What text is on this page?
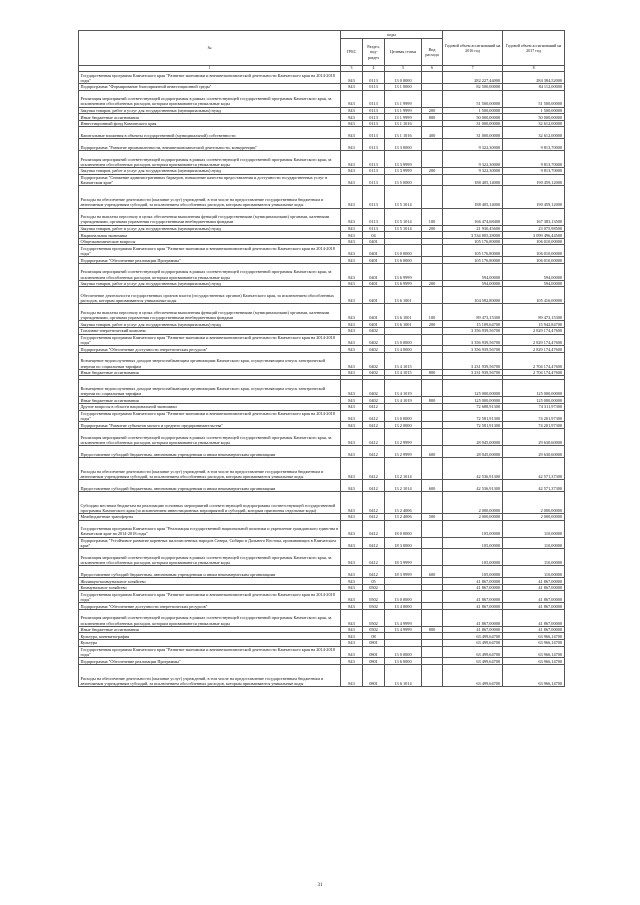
№	коды				Годовой объем ассигнований на 2016 год	Годовой объем ассигнований на 2017 год
	ГРБС	Раздел, под-раздел	Целевая статья	Вид расхода		
1	3	4	5	6	7	8
Государственная программа Камчатского края "Развитие экономики и внешнеэкономической деятельности Камчатского края на 2014-2018 годы"	843	0113	13 0 0000		282 227,44000	284 384,52000
Подпрограмма "Формирование благоприятной инвестиционной среды"	843	0113	13 1 0000		82 500,00000	84 112,00000
Реализация мероприятий соответствующей подпрограммы в рамках соответствующей государственной программы Камчатского края, за исключением обособленных расходов, которым присваиваются уникальные коды	843	0113	13 1 9999		51 500,00000	51 500,00000
Закупка товаров, работ и услуг для государственных (муниципальных) нужд	843	0113	13 1 9999	200	1 500,00000	1 500,00000
Иные бюджетные ассигнования	843	0113	13 1 9999	800	50 000,00000	50 000,00000
Инвестиционный фонд Камчатского края	843	0113	13 1 1016		31 000,00000	32 612,00000
Капитальные вложения в объекты государственной (муниципальной) собственности	843	0113	13 1 1016	400	31 000,00000	32 612,00000
Подпрограмма "Развитие промышленности, внешнеэкономической деятельности, конкуренции"	843	0113	13 3 0000		9 322,30000	9 813,70000
Реализация мероприятий соответствующей подпрограммы в рамках соответствующей государственной программы Камчатского края, за исключением обособленных расходов, которым присваиваются уникальные коды	843	0113	13 3 9999		9 322,30000	9 813,70000
Закупка товаров, работ и услуг для государственных (муниципальных) нужд	843	0113	13 3 9999	200	9 322,30000	9 813,70000
Подпрограмма "Снижение административных барьеров, повышение качества предоставления и доступности государственных услуг в Камчатском крае"	843	0113	13 5 0000		188 405,14000	190 459,12000
Расходы на обеспечение деятельности (оказание услуг) учреждений, в том числе на предоставление государственным бюджетным и автономным учреждениям субсидий, за исключением обособленных расходов, которым присваиваются уникальные коды	843	0113	13 5 1014		188 405,14000	190 459,12000
Расходы на выплаты персоналу в целях обеспечения выполнения функций государственными (муниципальными) органами, казенными учреждениями, органами управления государственными внебюджетными фондами	843	0113	13 5 1014	100	166 474,68400	167 383,13500
Закупка товаров, работ и услуг для государственных (муниципальных) нужд	843	0113	13 5 1014	200	21 930,45600	23 075,98500
Национальная экономика	843	04			3 534 805,28000	3 099 496,44500
Общеэкономические вопросы	843	0401			105 176,80000	106 010,00000
Государственная программа Камчатского края "Развитие экономики и внешнеэкономической деятельности Камчатского края на 2014-2018 годы"	843	0401	13 0 0000		105 176,80000	106 010,00000
Подпрограмма "Обеспечение реализации Программы"	843	0401	13 6 0000		105 176,80000	106 010,00000
Реализация мероприятий соответствующей подпрограммы в рамках соответствующей государственной программы Камчатского края, за исключением обособленных расходов, которым присваиваются уникальные коды	843	0401	13 6 9999		594,00000	594,00000
Закупка товаров, работ и услуг для государственных (муниципальных) нужд	843	0401	13 6 9999	200	594,00000	594,00000
Обеспечение деятельности государственных органов власти (государственных органов) Камчатского края, за исключением обособленных расходов, которым присваиваются уникальные коды	843	0401	13 6 1001		104 582,80000	105 416,00000
Расходы на выплаты персоналу в целях обеспечения выполнения функций государственными (муниципальными) органами, казенными учреждениями, органами управления государственными внебюджетными фондами	843	0401	13 6 1001	100	89 473,15300	89 473,15300
Закупка товаров, работ и услуг для государственных (муниципальных) нужд	843	0401	13 6 1001	200	15 109,64700	15 942,84700
Топливно-энергетический комплекс	843	0402			3 356 939,56700	2 829 174,47600
Государственная программа Камчатского края "Развитие экономики и внешнеэкономической деятельности Камчатского края на 2014-2018 годы"	843	0402	13 0 0000		3 356 939,56700	2 829 174,47600
Подпрограмма "Обеспечение доступности энергетических ресурсов"	843	0402	13 4 0000		3 356 939,56700	2 829 174,47600
Возмещение недополученных доходов энергоснабжающим организациям Камчатского края, осуществляющим отпуск электрической энергии по социальным тарифам	843	0402	13 4 1015		3 231 939,56700	2 704 174,47600
Иные бюджетные ассигнования	843	0402	13 4 1015	800	3 231 939,56700	2 704 174,47600

Возмещение недополученных доходов энергоснабжающим организациям Камчатского края, осуществляющим отпуск электрической энергии по социальным тарифам	843	0402	13 4 1019		125 000,00000	125 000,00000
Иные бюджетные ассигнования	843	0402	13 4 1019	800	125 000,00000	125 000,00000
Другие вопросы в области национальной экономики	843	0412			72 688,91300	74 311,97300
Государственная программа Камчатского края "Развитие экономики и внешнеэкономической деятельности Камчатского края на 2014-2018 годы"	843	0412	13 0 0000		72 581,91300	74 201,97300
Подпрограмма "Развитие субъектов малого и среднего предпринимательства"	843	0412	13 2 0000		72 581,91300	74 201,97300
Реализация мероприятий соответствующей подпрограммы в рамках соответствующей государственной программы Камчатского края, за исключением обособленных расходов, которым присваиваются уникальные коды	843	0412	13 2 9999		28 045,00000	29 630,60000
Предоставление субсидий бюджетным, автономным учреждениям и иным некоммерческим организациям	843	0412	13 2 9999	600	28 045,00000	29 630,60000
Расходы на обеспечение деятельности (оказание услуг) учреждений, в том числе на предоставление государственным бюджетным и автономным учреждениям субсидий, за исключением обособленных расходов, которым присваиваются уникальные коды	843	0412	13 2 1014		42 536,91300	42 571,37300
Предоставление субсидий бюджетным, автономным учреждениям и иным некоммерческим организациям	843	0412	13 2 1014	600	42 536,91300	42 571,37300
Субсидии местным бюджетам на реализацию основных мероприятий соответствующей подпрограммы соответствующей государственной программы Камчатского края (за исключением инвестиционных мероприятий и субсидий, которым присвоены отдельные коды)	843	0412	13 2 4006		2 000,00000	2 000,00000
Межбюджетные трансферты	843	0412	13 2 4006	500	2 000,00000	2 000,00000
Государственная программа Камчатского края "Реализация государственной национальной политики и укрепление гражданского единства в Камчатском крае на 2014-2018 годы"	843	0412	18 0 0000		105,00000	110,00000
Подпрограмма "Устойчивое развитие коренных малочисленных народов Севера, Сибири и Дальнего Востока, проживающих в Камчатском крае"	843	0412	18 3 0000		105,00000	110,00000
Реализация мероприятий соответствующей подпрограммы в рамках соответствующей государственной программы Камчатского края, за исключением обособленных расходов, которым присваиваются уникальные коды	843	0412	18 3 9999		105,00000	110,00000
Предоставление субсидий бюджетным, автономным учреждениям и иным некоммерческим организациям	843	0412	18 3 9999	600	105,00000	110,00000
Жилищно-коммунальное хозяйство	843	05			41 867,00000	41 867,00000
Коммунальное хозяйство	843	0502			41 867,00000	41 867,00000
Государственная программа Камчатского края "Развитие экономики и внешнеэкономической деятельности Камчатского края на 2014-2018 годы"	843	0502	13 0 0000		41 867,00000	41 867,00000
Подпрограмма "Обеспечение доступности энергетических ресурсов"	843	0502	13 4 0000		41 867,00000	41 867,00000
Реализация мероприятий соответствующей подпрограммы в рамках соответствующей государственной программы Камчатского края, за исключением обособленных расходов, которым присваиваются уникальные коды	843	0502	13 4 9999		41 867,00000	41 867,00000
Иные бюджетные ассигнования	843	0502	13 4 9999	800	41 867,00000	41 867,00000
Культура, кинематография	843	08			63 499,64700	63 966,14700
Культура	843	0801			63 499,64700	63 966,14700
Государственная программа Камчатского края "Развитие экономики и внешнеэкономической деятельности Камчатского края на 2014-2018 годы"	843	0801	13 0 0000		63 499,64700	63 966,14700
Подпрограмма "Обеспечение реализации Программы"	843	0801	13 6 0000		63 499,64700	63 966,14700
Расходы на обеспечение деятельности (оказание услуг) учреждений, в том числе на предоставление государственным бюджетным и автономным учреждениям субсидий, за исключением обособленных расходов, которым присваиваются уникальные коды	843	0801	13 6 1014		63 499,64700	63 966,14700
31
